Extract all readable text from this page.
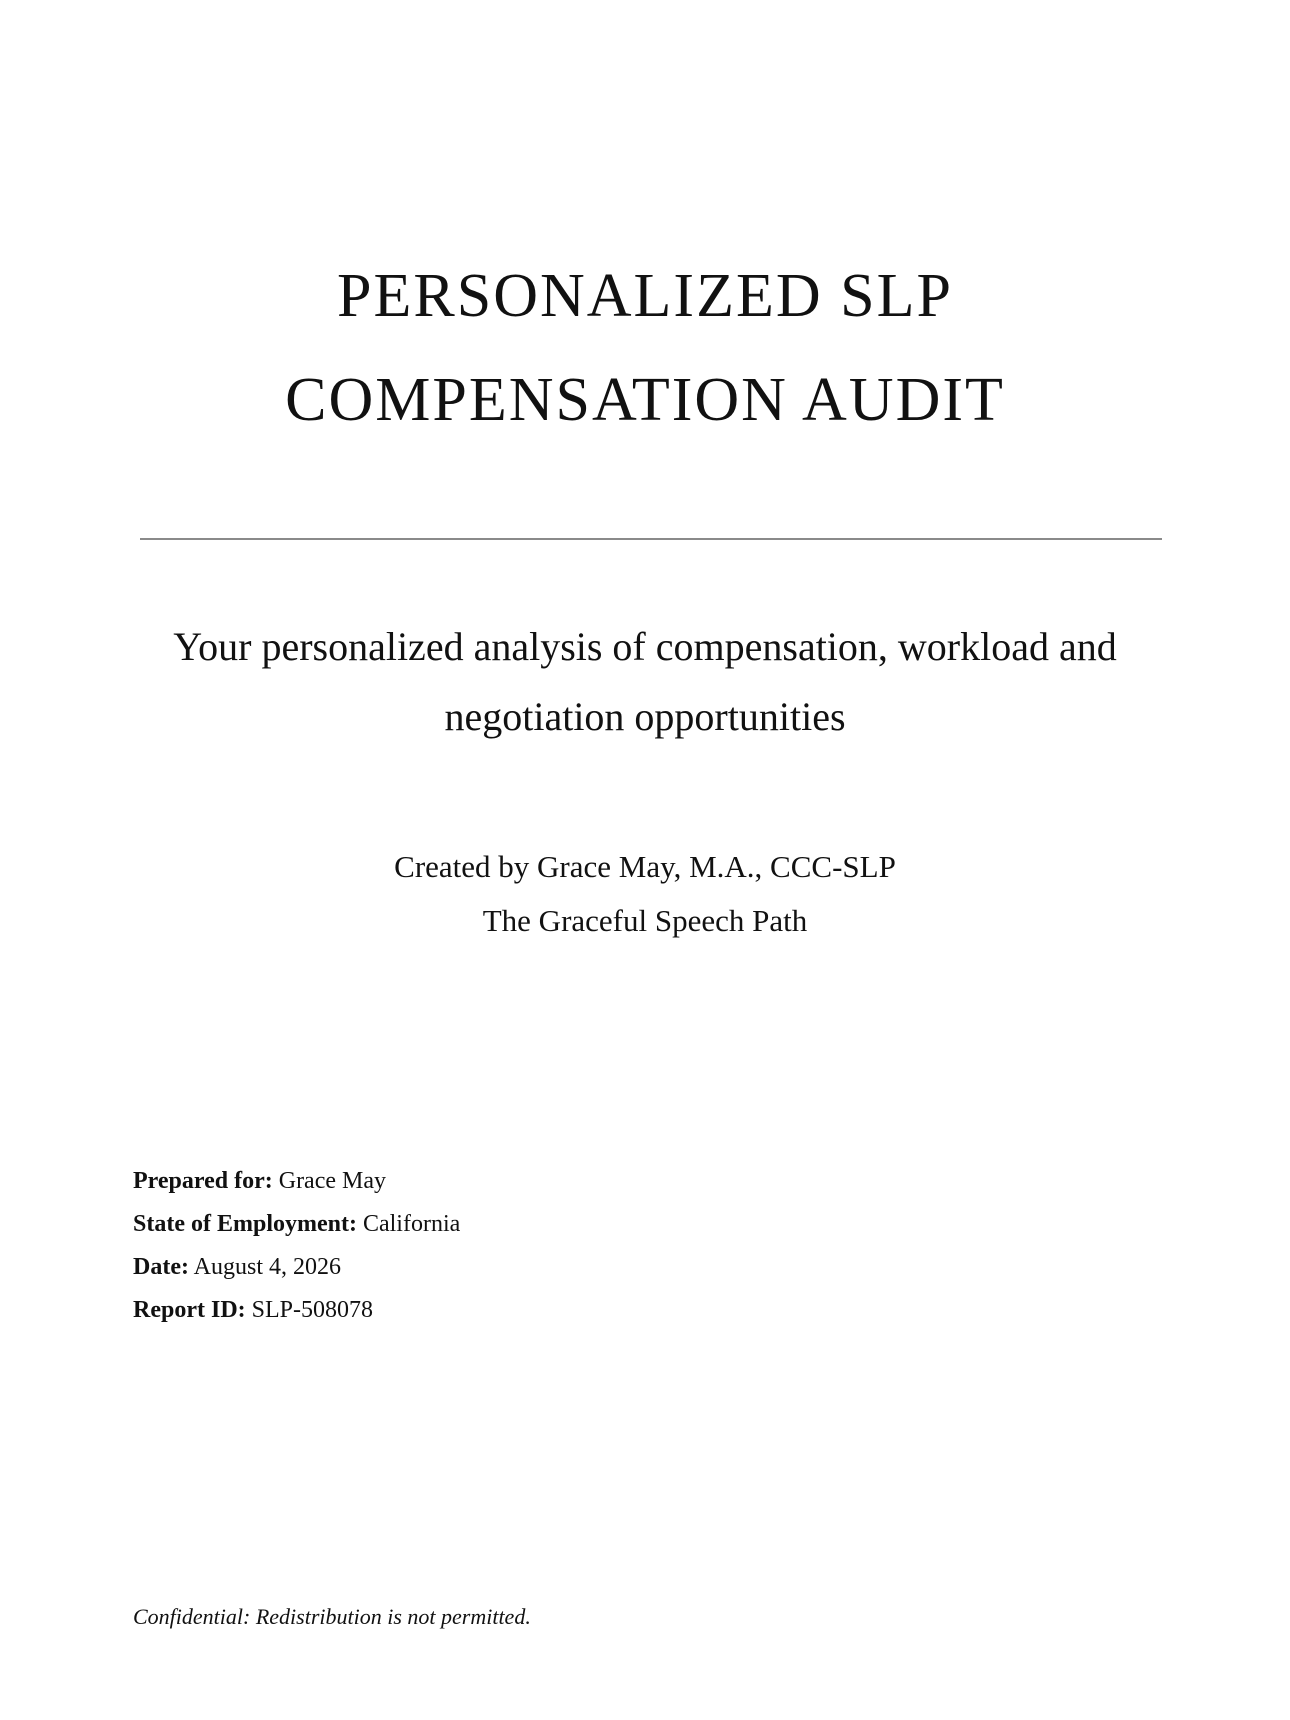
PERSONALIZED SLP
COMPENSATION AUDIT
Your personalized analysis of compensation, workload and
negotiation opportunities
Created by Grace May, M.A., CCC-SLP
The Graceful Speech Path
Prepared for: Grace May
State of Employment: California
Date: August 4, 2026
Report ID: SLP-508078
Confidential: Redistribution is not permitted.
